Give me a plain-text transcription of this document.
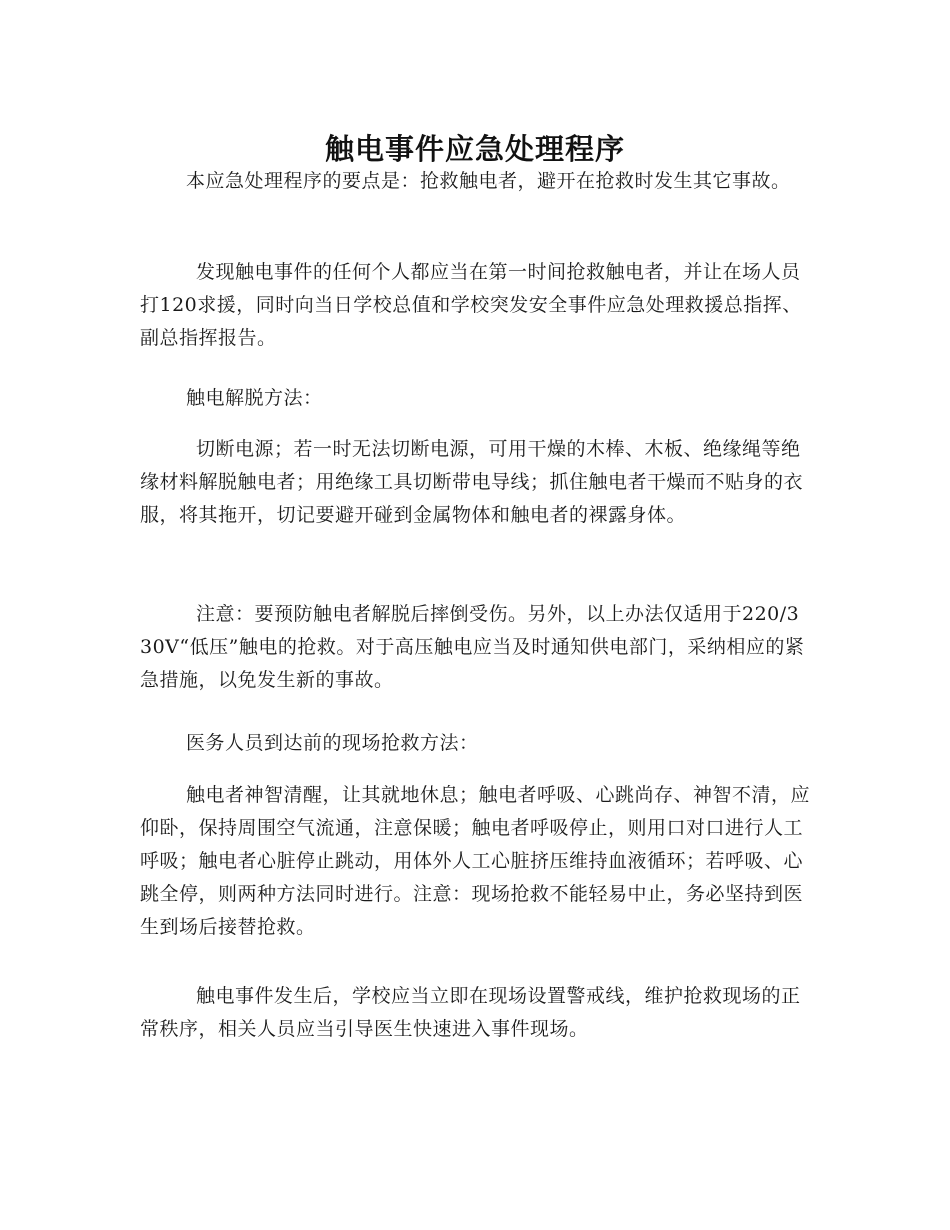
触电事件应急处理程序

本应急处理程序的要点是：抢救触电者，避开在抢救时发生其它事故。

发现触电事件的任何个人都应当在第一时间抢救触电者，并让在场人员打120求援，同时向当日学校总值和学校突发安全事件应急处理救援总指挥、副总指挥报告。

触电解脱方法：

切断电源；若一时无法切断电源，可用干燥的木棒、木板、绝缘绳等绝缘材料解脱触电者；用绝缘工具切断带电导线；抓住触电者干燥而不贴身的衣服，将其拖开，切记要避开碰到金属物体和触电者的裸露身体。

注意：要预防触电者解脱后摔倒受伤。另外，以上办法仅适用于220/330V“低压”触电的抢救。对于高压触电应当及时通知供电部门，采纳相应的紧急措施，以免发生新的事故。

医务人员到达前的现场抢救方法：

触电者神智清醒，让其就地休息；触电者呼吸、心跳尚存、神智不清，应仰卧，保持周围空气流通，注意保暖；触电者呼吸停止，则用口对口进行人工呼吸；触电者心脏停止跳动，用体外人工心脏挤压维持血液循环；若呼吸、心跳全停，则两种方法同时进行。注意：现场抢救不能轻易中止，务必坚持到医生到场后接替抢救。

触电事件发生后，学校应当立即在现场设置警戒线，维护抢救现场的正常秩序，相关人员应当引导医生快速进入事件现场。
